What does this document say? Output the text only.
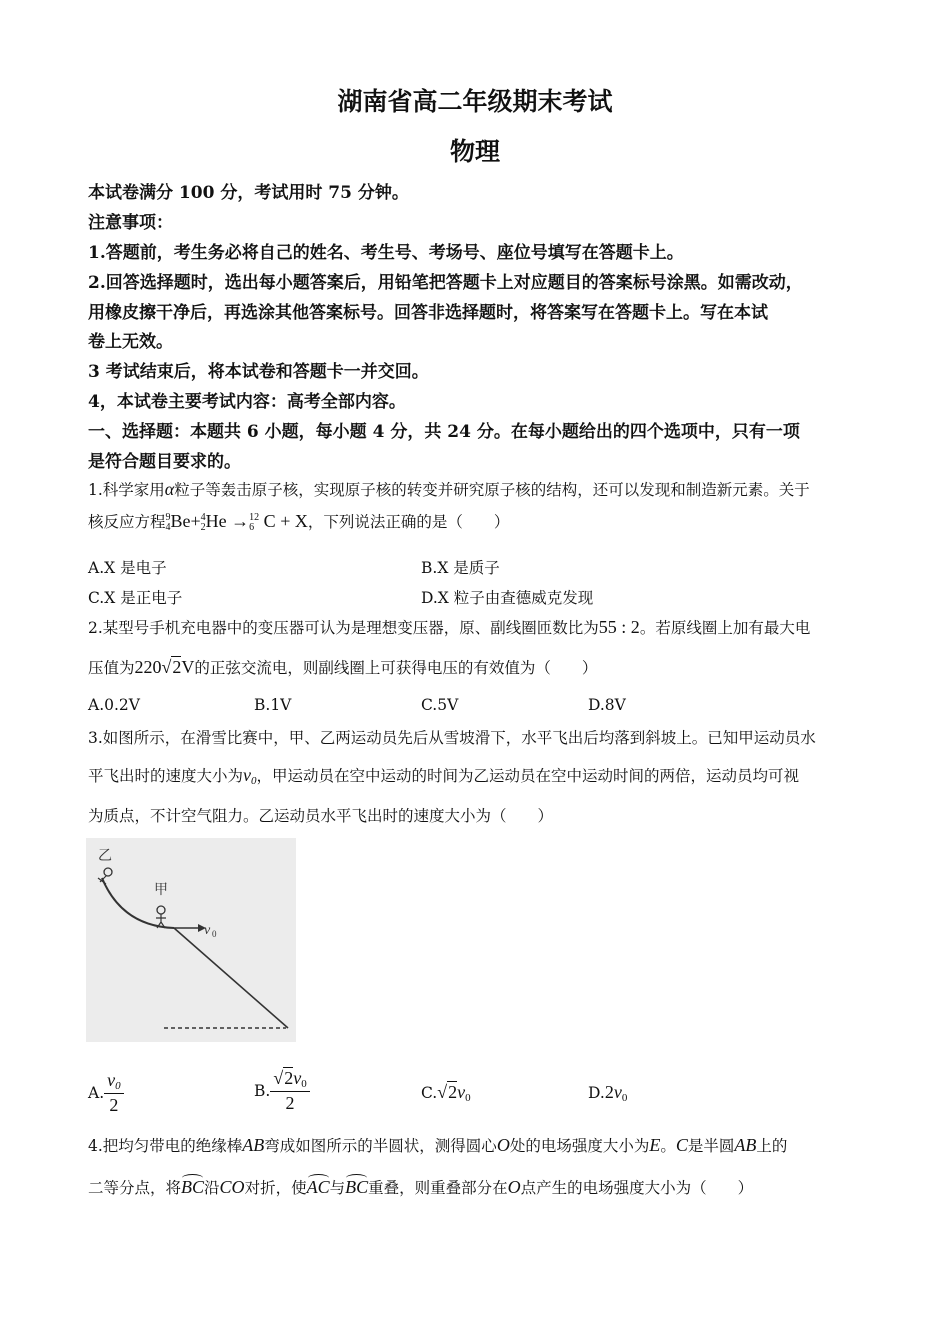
湖南省高二年级期末考试
物理
本试卷满分 100 分，考试用时 75 分钟。
注意事项：
1.答题前，考生务必将自己的姓名、考生号、考场号、座位号填写在答题卡上。
2.回答选择题时，选出每小题答案后，用铅笔把答题卡上对应题目的答案标号涂黑。如需改动，
用橡皮擦干净后，再选涂其他答案标号。回答非选择题时，将答案写在答题卡上。写在本试
卷上无效。
3 考试结束后，将本试卷和答题卡一并交回。
4，本试卷主要考试内容：高考全部内容。
一、选择题：本题共 6 小题，每小题 4 分，共 24 分。在每小题给出的四个选项中，只有一项
是符合题目要求的。
1.科学家用α粒子等轰击原子核，实现原子核的转变并研究原子核的结构，还可以发现和制造新元素。关于
核反应方程 9
4 Be+ 4
2 He → 12
6 C + X，下列说法正确的是（　　）
A.X 是电子	B.X 是质子
C.X 是正电子	D.X 粒子由查德威克发现
2.某型号手机充电器中的变压器可认为是理想变压器，原、副线圈匝数比为55 : 2。若原线圈上加有最大电
压值为220√2V的正弦交流电，则副线圈上可获得电压的有效值为（　　）
A.0.2V	B.1V	C.5V	D.8V
3.如图所示，在滑雪比赛中，甲、乙两运动员先后从雪坡滑下，水平飞出后均落到斜坡上。已知甲运动员水
平飞出时的速度大小为v0，甲运动员在空中运动的时间为乙运动员在空中运动时间的两倍，运动员均可视
为质点，不计空气阻力。乙运动员水平飞出时的速度大小为（　　）
乙
甲
v 0
A. $\frac{v0}{2}$	B. $\frac{√2v0}{2}$	C.√2v0	D.2v0
4.把均匀带电的绝缘棒AB弯成如图所示的半圆状，测得圆心O处的电场强度大小为E。C是半圆AB上的
二等分点，将BC沿CO对折，使AC与BC重叠，则重叠部分在O点产生的电场强度大小为（　　）
